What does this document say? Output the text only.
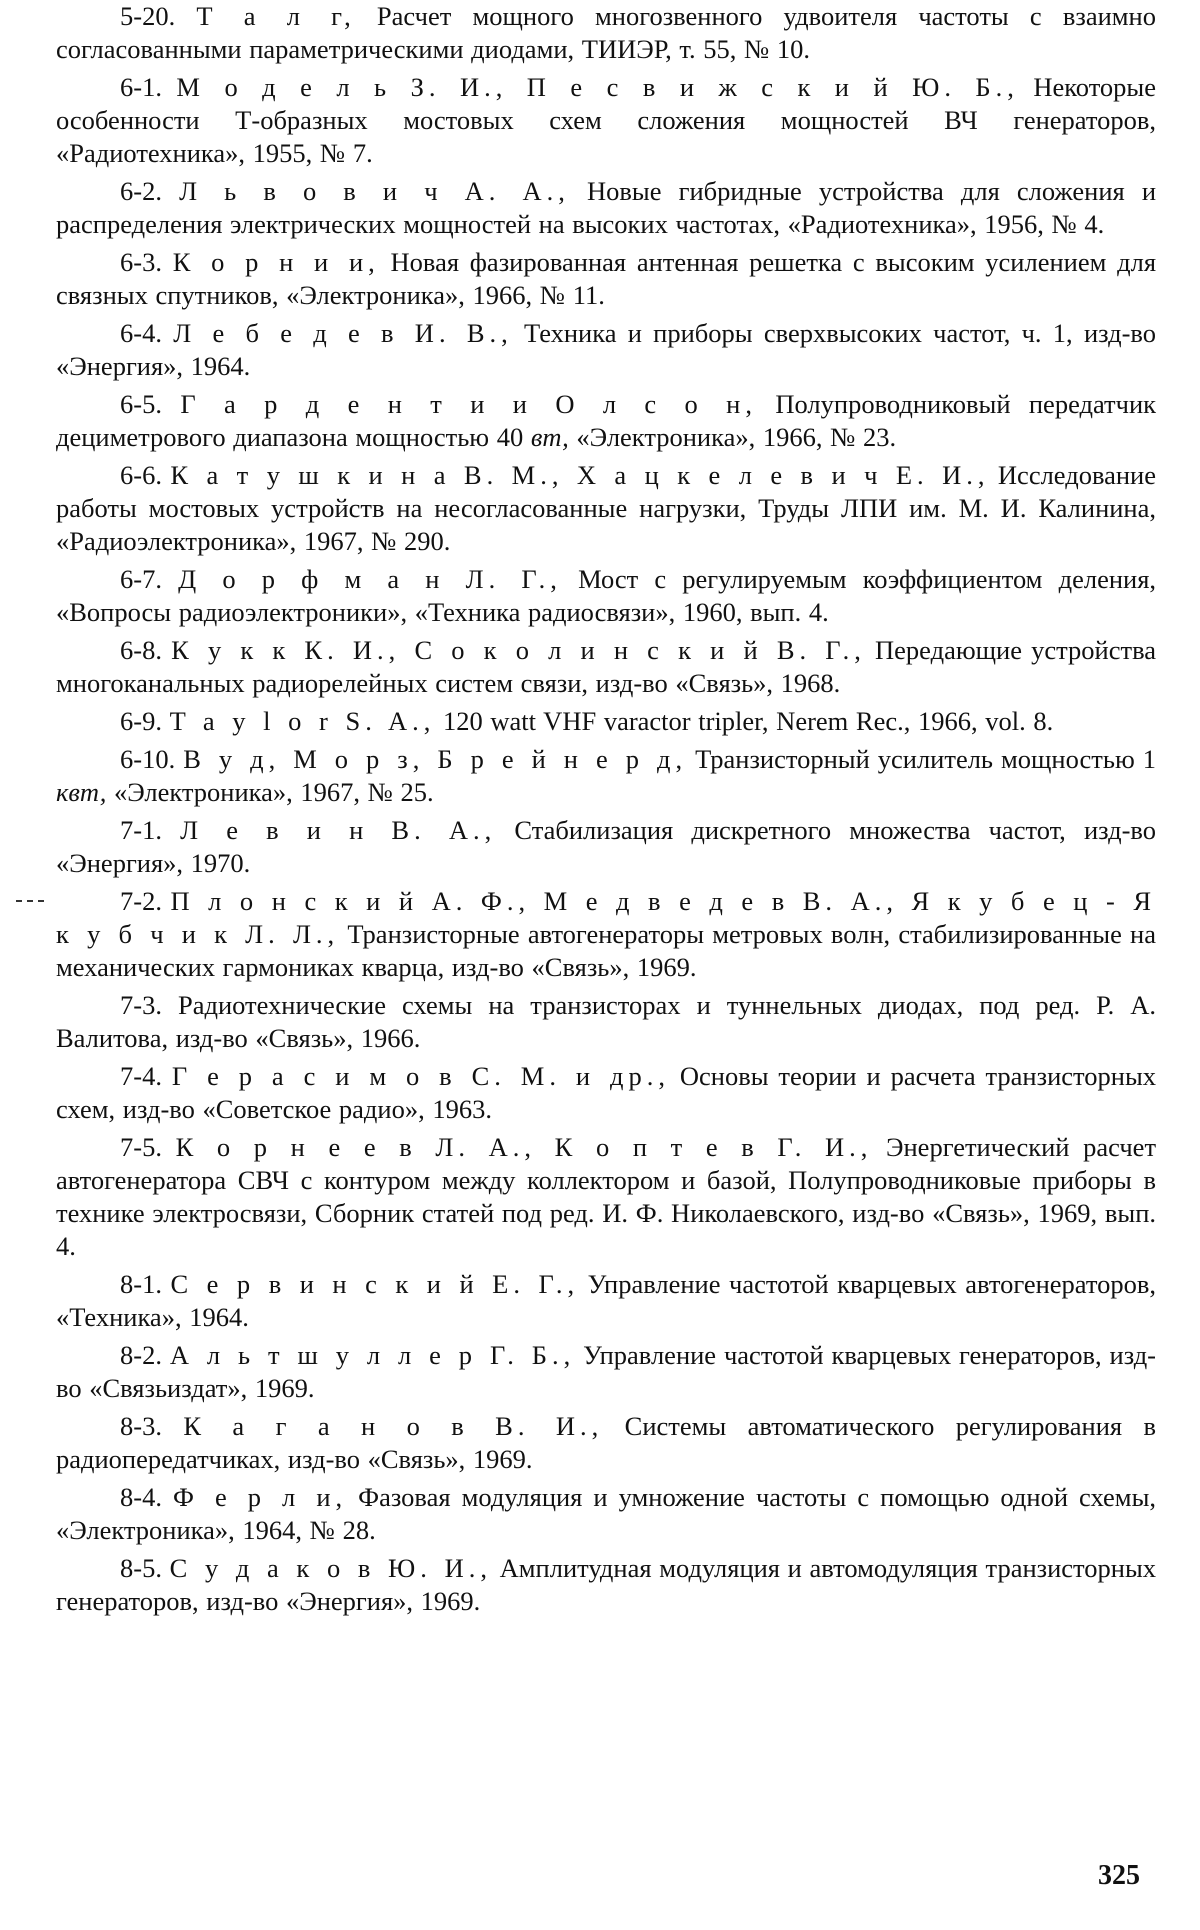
5-20. Т а л г, Расчет мощного многозвенного удвоителя частоты с взаимно согласованными параметрическими диодами, ТИИЭР, т. 55, № 10.
6-1. М о д е л ь З. И., П е с в и ж с к и й Ю. Б., Некоторые особенности Т-образных мостовых схем сложения мощностей ВЧ генераторов, «Радиотехника», 1955, № 7.
6-2. Л ь в о в и ч А. А., Новые гибридные устройства для сложения и распределения электрических мощностей на высоких частотах, «Радиотехника», 1956, № 4.
6-3. К о р н и и, Новая фазированная антенная решетка с высоким усилением для связных спутников, «Электроника», 1966, № 11.
6-4. Л е б е д е в И. В., Техника и приборы сверхвысоких частот, ч. 1, изд-во «Энергия», 1964.
6-5. Г а р д е н т и и О л с о н, Полупроводниковый передатчик дециметрового диапазона мощностью 40 вт, «Электроника», 1966, № 23.
6-6. К а т у ш к и н а В. М., Х а ц к е л е в и ч Е. И., Исследование работы мостовых устройств на несогласованные нагрузки, Труды ЛПИ им. М. И. Калинина, «Радиоэлектроника», 1967, № 290.
6-7. Д о р ф м а н Л. Г., Мост с регулируемым коэффициентом деления, «Вопросы радиоэлектроники», «Техника радиосвязи», 1960, вып. 4.
6-8. К у к к К. И., С о к о л и н с к и й В. Г., Передающие устройства многоканальных радиорелейных систем связи, изд-во «Связь», 1968.
6-9. T a y l o r S. A., 120 watt VHF varactor tripler, Nerem Rec., 1966, vol. 8.
6-10. В у д, М о р з, Б р е й н е р д, Транзисторный усилитель мощностью 1 квт, «Электроника», 1967, № 25.
7-1. Л е в и н В. А., Стабилизация дискретного множества частот, изд-во «Энергия», 1970.
7-2. П л о н с к и й А. Ф., М е д в е д е в В. А., Я к у б е ц - Я к у б ч и к Л. Л., Транзисторные автогенераторы метровых волн, стабилизированные на механических гармониках кварца, изд-во «Связь», 1969.
7-3. Радиотехнические схемы на транзисторах и туннельных диодах, под ред. Р. А. Валитова, изд-во «Связь», 1966.
7-4. Г е р а с и м о в С. М. и др., Основы теории и расчета транзисторных схем, изд-во «Советское радио», 1963.
7-5. К о р н е е в Л. А., К о п т е в Г. И., Энергетический расчет автогенератора СВЧ с контуром между коллектором и базой, Полупроводниковые приборы в технике электросвязи, Сборник статей под ред. И. Ф. Николаевского, изд-во «Связь», 1969, вып. 4.
8-1. С е р в и н с к и й Е. Г., Управление частотой кварцевых автогенераторов, «Техника», 1964.
8-2. А л ь т ш у л л е р Г. Б., Управление частотой кварцевых генераторов, изд-во «Связьиздат», 1969.
8-3. К а г а н о в В. И., Системы автоматического регулирования в радиопередатчиках, изд-во «Связь», 1969.
8-4. Ф е р л и, Фазовая модуляция и умножение частоты с помощью одной схемы, «Электроника», 1964, № 28.
8-5. С у д а к о в Ю. И., Амплитудная модуляция и автомодуляция транзисторных генераторов, изд-во «Энергия», 1969.
325
